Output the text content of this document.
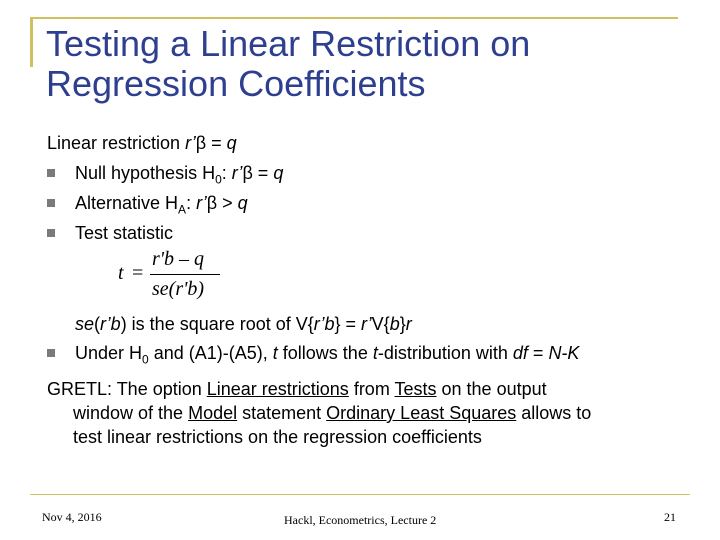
Testing a Linear Restriction on Regression Coefficients
Linear restriction r’β = q
Null hypothesis $H_0$: r’β = q
Alternative $H_A$: r’β > q
Test statistic
t =
r'b – q
se(r'b)
se(r’b) is the square root of V{r’b} = r’V{b}r
Under $H_0$ and (A1)-(A5), t follows the t-distribution with df = N-K
GRETL: The option Linear restrictions from Tests on the output
window of the Model statement Ordinary Least Squares allows to
test linear restrictions on the regression coefficients
Nov 4, 2016	Hackl, Econometrics, Lecture 2	21
